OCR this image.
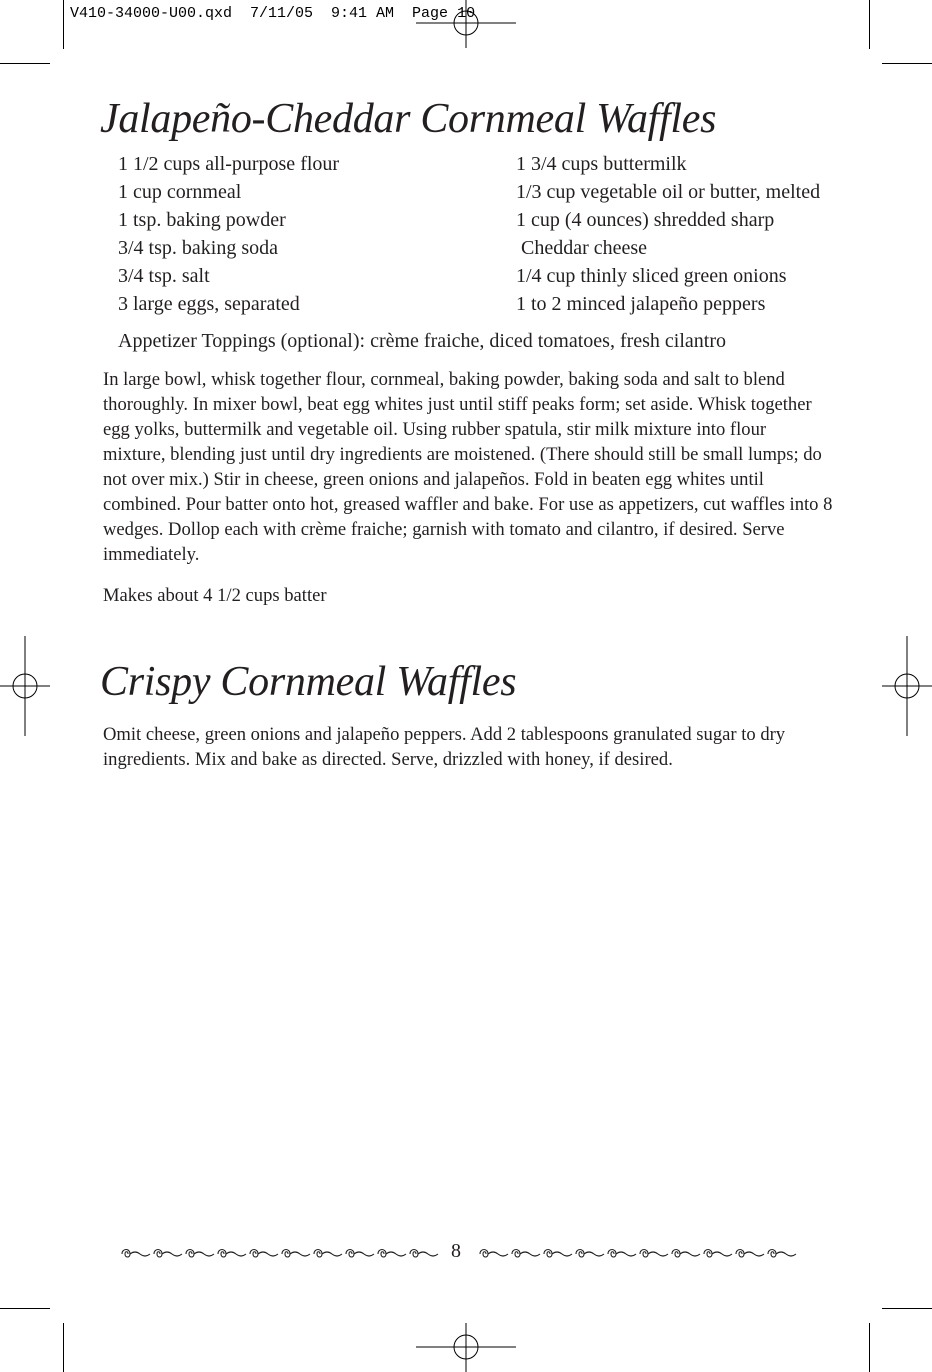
V410-34000-U00.qxd  7/11/05  9:41 AM  Page 10
Jalapeño-Cheddar Cornmeal Waffles
1 1/2 cups all-purpose flour
1 cup cornmeal
1 tsp. baking powder
3/4 tsp. baking soda
3/4 tsp. salt
3 large eggs, separated
1 3/4 cups buttermilk
1/3 cup vegetable oil or butter, melted
1 cup (4 ounces) shredded sharp
Cheddar cheese
1/4 cup thinly sliced green onions
1 to 2 minced jalapeño peppers

Appetizer Toppings (optional): crème fraiche, diced tomatoes, fresh cilantro

In large bowl, whisk together flour, cornmeal, baking powder, baking soda and salt to blend thoroughly. In mixer bowl, beat egg whites just until stiff peaks form; set aside. Whisk together egg yolks, buttermilk and vegetable oil. Using rubber spatula, stir milk mixture into flour mixture, blending just until dry ingredients are moistened. (There should still be small lumps; do not over mix.) Stir in cheese, green onions and jalapeños. Fold in beaten egg whites until combined. Pour batter onto hot, greased waffler and bake. For use as appetizers, cut waffles into 8 wedges. Dollop each with crème fraiche; garnish with tomato and cilantro, if desired. Serve immediately.

Makes about 4 1/2 cups batter

Crispy Cornmeal Waffles

Omit cheese, green onions and jalapeño peppers. Add 2 tablespoons granulated sugar to dry ingredients. Mix and bake as directed. Serve, drizzled with honey, if desired.

8
